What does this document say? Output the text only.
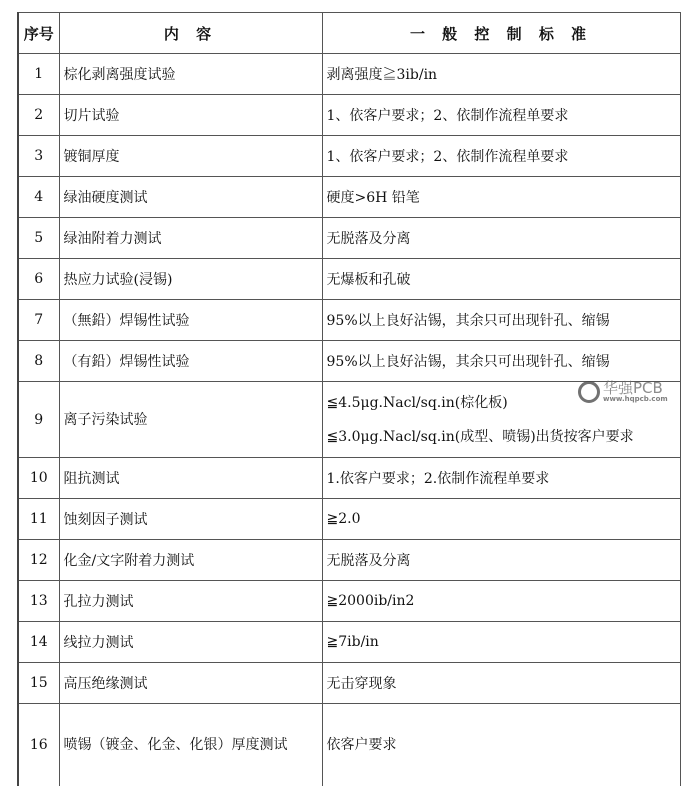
序号	内 容	一 般 控 制 标 准
1	棕化剥离强度试验	剥离强度≧3ib/in

2	切片试验	1、依客户要求；2、依制作流程单要求

3	镀铜厚度	1、依客户要求；2、依制作流程单要求

4	绿油硬度测试	硬度>6H 铅笔

5	绿油附着力测试	无脱落及分离

6	热应力试验(浸锡)	无爆板和孔破

7	（無鉛）焊锡性试验	95%以上良好沾锡，其余只可出现针孔、缩锡

8	（有鉛）焊锡性试验	95%以上良好沾锡，其余只可出现针孔、缩锡

9	离子污染试验	≦4.5μg.Nacl/sq.in(棕化板)
≦3.0μg.Nacl/sq.in(成型、喷锡)出货按客户要求

10	阻抗测试	1.依客户要求；2.依制作流程单要求

11	蚀刻因子测试	≧2.0

12	化金/文字附着力测试	无脱落及分离

13	孔拉力测试	≧2000ib/in2

14	线拉力测试	≧7ib/in

15	高压绝缘测试	无击穿现象

16	喷锡（镀金、化金、化银）厚度测试	依客户要求
华强PCB
www.hqpcb.com
